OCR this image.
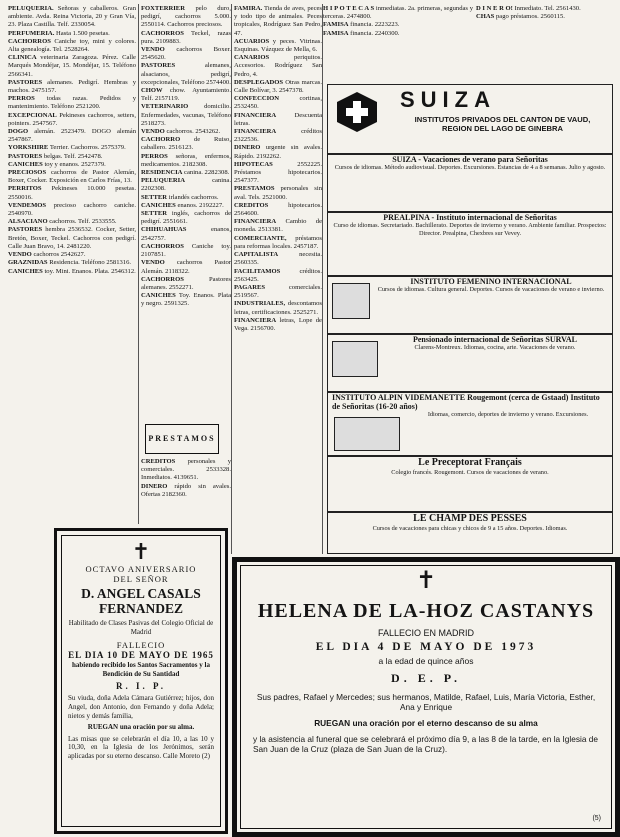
PELUQUERIA. Señoras y caballeros. Gran ambiente. Avda. Reina Victoria, 20 y Gran Vía, 23. Plaza Castilla. Telf. 2330054.

PERFUMERIA. Hasta 1.500 pesetas.

CACHORROS Caniche toy, mini y colores. Alta genealogía. Tel. 2528264.

CLINICA veterinaria Zaragoza. Pérez. Calle Marqués Mondéjar, 15. Mondéjar, 15. Teléfono 2566341.

PASTORES alemanes. Pedigrí. Hembras y machos. 2475157.

PERROS todas razas. Pedidos y mantenimiento. Teléfono 2521200.

EXCEPCIONAL Pekineses cachorros, setters, pointers. 2547567.

DOGO alemán. 2523479. DOGO alemán 2547867.

YORKSHIRE Terrier. Cachorros. 2575379.

PASTORES belgas. Telf. 2542478.

CANICHES toy y enanos. 2527379.

PRECIOSOS cachorros de Pastor Alemán, Boxer, Cocker. Exposición en Carlos Frías, 13.

PERRITOS Pekineses 10.000 pesetas. 2550016.

VENDEMOS precioso cachorro caniche. 2540970.

ALSACIANO cachorros. Telf. 2533555.

PASTORES hembra 2536532. Cocker, Setter, Bretón, Boxer, Teckel. Cachorros con pedigrí. Calle Juan Bravo, 14. 2481220.

VENDO cachorros 2542627.

GRAZNIDAS Residencia. Teléfono 2581316.

CANICHES toy. Mini. Enanos. Plata. 2546312.

FOXTERRIER pelo duro, pedigrí, cachorros 5.000. 2550114. Cachorros preciosos.

CACHORROS Teckel, razas pura. 2109883.

VENDO cachorros Boxer. 2545620.

PASTORES alemanes, alsacianos, pedigrí, excepcionales, Teléfono 2574400.

CHOW chow. Ayuntamiento. Telf. 2157119.

VETERINARIO domicilio. Enfermedades, vacunas, Teléfono 2518273.

VENDO cachorros. 2543262.

CACHORRO de Ruiso, caballero. 2516123.

PERROS señoras, enfermos, medicamentos. 2182308.

RESIDENCIA canina. 2282308.

PELUQUERIA canina. 2202308.

SETTER irlandés cachorros.

CANICHES enanos. 2192227.

SETTER inglés, cachorros de pedigrí. 2551661.

CHIHUAHUAS enanos, 2542757.

CACHORROS Caniche toy. 2107851.

VENDO cachorros Pastor Alemán. 2118322.

CACHORROS Pastores alemanes. 2552271.

CANICHES Toy. Enanos. Plata y negro. 2591325.

PRESTAMOS

CREDITOS personales y comerciales. 2533328. Inmediatos. 4139651.

DINERO rápido sin avales. Ofertas 2182360.

FAMIRA. Tienda de aves, peces y todo tipo de animales. Peces tropicales, Rodríguez San Pedro, 47.

ACUARIOS y peces. Vitrinas. Esquinas. Vázquez de Mella, 6.

CANARIOS periquitos. Accesorios. Rodríguez San Pedro, 4.

DESPLEGADOS Otras marcas. Calle Bolívar, 3. 2547378.

CONFECCION cortinas, 2532450.

FINANCIERA Descuenta letras.

FINANCIERA créditos 2322536.

DINERO urgente sin avales. Rápido. 2192262.

HIPOTECAS 2552225. Préstamos hipotecarios. 2547377.

PRESTAMOS personales sin aval. Tels. 2521000.

CREDITOS hipotecarios. 2564600.

FINANCIERA Cambio de moneda. 2513381.

COMERCIANTE, préstamos para reformas locales. 2457187.

CAPITALISTA necesita. 2560335.

FACILITAMOS créditos. 2563425.

PAGARES comerciales. 2519567.

INDUSTRIALES, descontamos letras, certificaciones. 2525271.

FINANCIERA letras, Lope de Vega. 2156700.

H I P O T E C A S inmediatas. 2a. primeras, segundas y terceras. 2474800.

FAMISA financia. 2223223.

FAMISA financia. 2240300.

D I N E R O! Inmediato. Tel. 2561430.

CHAS pago préstamos. 2560115.

SUIZA
INSTITUTOS PRIVADOS DEL CANTON DE VAUD, REGION DEL LAGO DE GINEBRA
SUIZA - Vacaciones de verano para Señoritas
Cursos de idiomas. Método audiovisual. Deportes. Excursiones. Estancias de 4 a 8 semanas. Julio y agosto.
PREALPINA - Instituto internacional de Señoritas
Curso de idiomas. Secretariado. Bachillerato. Deportes de invierno y verano. Ambiente familiar. Prospectos: Director. Prealpina, Chexbres sur Vevey.
INSTITUTO FEMENINO INTERNACIONAL
Cursos de idiomas. Cultura general. Deportes. Cursos de vacaciones de verano e invierno.
Pensionado internacional de Señoritas SURVAL
Clarens-Montreux. Idiomas, cocina, arte. Vacaciones de verano.
INSTITUTO ALPIN VIDEMANETTE Rougemont (cerca de Gstaad) Instituto de Señoritas (16-20 años)
Idiomas, comercio, deportes de invierno y verano. Excursiones.
Le Preceptorat Français
Colegio francés. Rougemont. Cursos de vacaciones de verano.
LE CHAMP DES PESSES
Cursos de vacaciones para chicas y chicos de 9 a 15 años. Deportes. Idiomas.
✝
OCTAVO ANIVERSARIO
DEL SEÑOR
D. ANGEL CASALS FERNANDEZ
Habilitado de Clases Pasivas del Colegio Oficial de Madrid
FALLECIO
EL DIA 10 DE MAYO DE 1965
habiendo recibido los Santos Sacramentos y la Bendición de Su Santidad
R. I. P.
Su viuda, doña Adela Cámara Gutiérrez; hijos, don Angel, don Antonio, don Fernando y doña Adela; nietos y demás familia,
RUEGAN una oración por su alma.
Las misas que se celebrarán el día 10, a las 10 y 10,30, en la Iglesia de los Jerónimos, serán aplicadas por su eterno descanso. Calle Moreto (2)
✝
HELENA DE LA-HOZ CASTANYS
FALLECIO EN MADRID
EL DIA 4 DE MAYO DE 1973
a la edad de quince años
D. E. P.
Sus padres, Rafael y Mercedes; sus hermanos, Matilde, Rafael, Luis, María Victoria, Esther, Ana y Enrique
RUEGAN una oración por el eterno descanso de su alma
y la asistencia al funeral que se celebrará el próximo día 9, a las 8 de la tarde, en la Iglesia de San Juan de la Cruz (plaza de San Juan de la Cruz).
(5)
